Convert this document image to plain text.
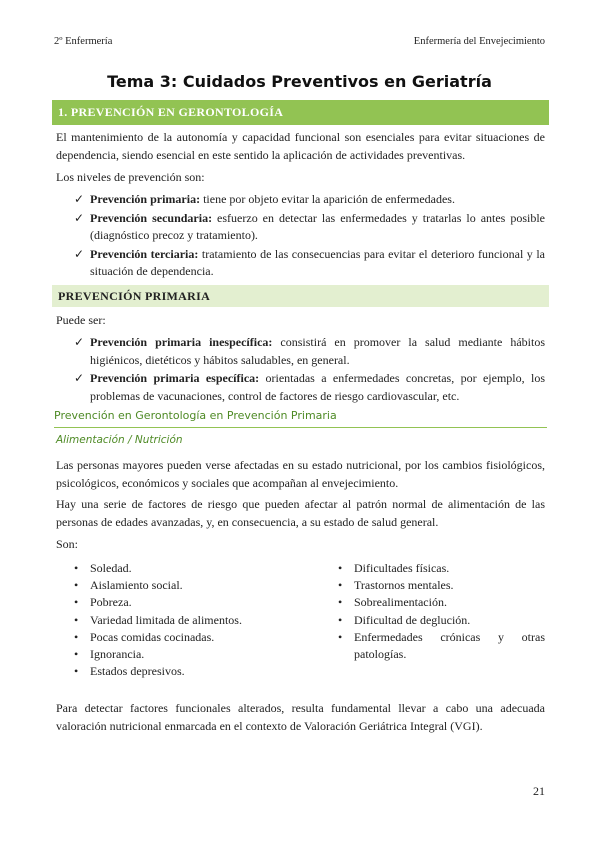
2º Enfermería	Enfermería del Envejecimiento
Tema 3: Cuidados Preventivos en Geriatría
1. PREVENCIÓN EN GERONTOLOGÍA
El mantenimiento de la autonomía y capacidad funcional son esenciales para evitar situaciones de dependencia, siendo esencial en este sentido la aplicación de actividades preventivas.
Los niveles de prevención son:
✓ Prevención primaria: tiene por objeto evitar la aparición de enfermedades.
✓ Prevención secundaria: esfuerzo en detectar las enfermedades y tratarlas lo antes posible (diagnóstico precoz y tratamiento).
✓ Prevención terciaria: tratamiento de las consecuencias para evitar el deterioro funcional y la situación de dependencia.
PREVENCIÓN PRIMARIA
Puede ser:
✓ Prevención primaria inespecífica: consistirá en promover la salud mediante hábitos higiénicos, dietéticos y hábitos saludables, en general.
✓ Prevención primaria específica: orientadas a enfermedades concretas, por ejemplo, los problemas de vacunaciones, control de factores de riesgo cardiovascular, etc.
Prevención en Gerontología en Prevención Primaria
Alimentación / Nutrición
Las personas mayores pueden verse afectadas en su estado nutricional, por los cambios fisiológicos, psicológicos, económicos y sociales que acompañan al envejecimiento.
Hay una serie de factores de riesgo que pueden afectar al patrón normal de alimentación de las personas de edades avanzadas, y, en consecuencia, a su estado de salud general.
Son:
• Soledad.
• Aislamiento social.
• Pobreza.
• Variedad limitada de alimentos.
• Pocas comidas cocinadas.
• Ignorancia.
• Estados depresivos.
• Dificultades físicas.
• Trastornos mentales.
• Sobrealimentación.
• Dificultad de deglución.
• Enfermedades crónicas y otras patologías.
Para detectar factores funcionales alterados, resulta fundamental llevar a cabo una adecuada valoración nutricional enmarcada en el contexto de Valoración Geriátrica Integral (VGI).
21
